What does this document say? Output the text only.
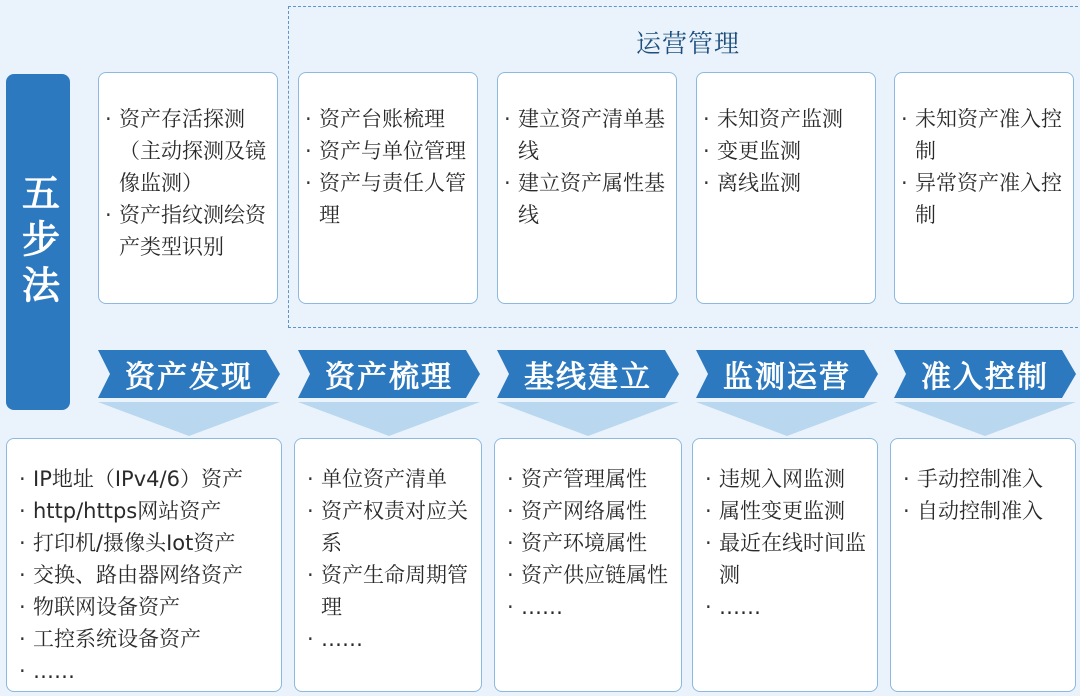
运营管理
五步法
· 资产存活探测（主动探测及镜像监测）
· 资产指纹测绘资产类型识别
· 资产台账梳理
· 资产与单位管理
· 资产与责任人管理
· 建立资产清单基线
· 建立资产属性基线
· 未知资产监测
· 变更监测
· 离线监测
· 未知资产准入控制
· 异常资产准入控制
资产发现	资产梳理	基线建立	监测运营	准入控制
· IP地址（IPv4/6）资产
· http/https网站资产
· 打印机/摄像头Iot资产
· 交换、路由器网络资产
· 物联网设备资产
· 工控系统设备资产
· ……
· 单位资产清单
· 资产权责对应关系
· 资产生命周期管理
· ……
· 资产管理属性
· 资产网络属性
· 资产环境属性
· 资产供应链属性
· ……
· 违规入网监测
· 属性变更监测
· 最近在线时间监测
· ……
· 手动控制准入
· 自动控制准入
